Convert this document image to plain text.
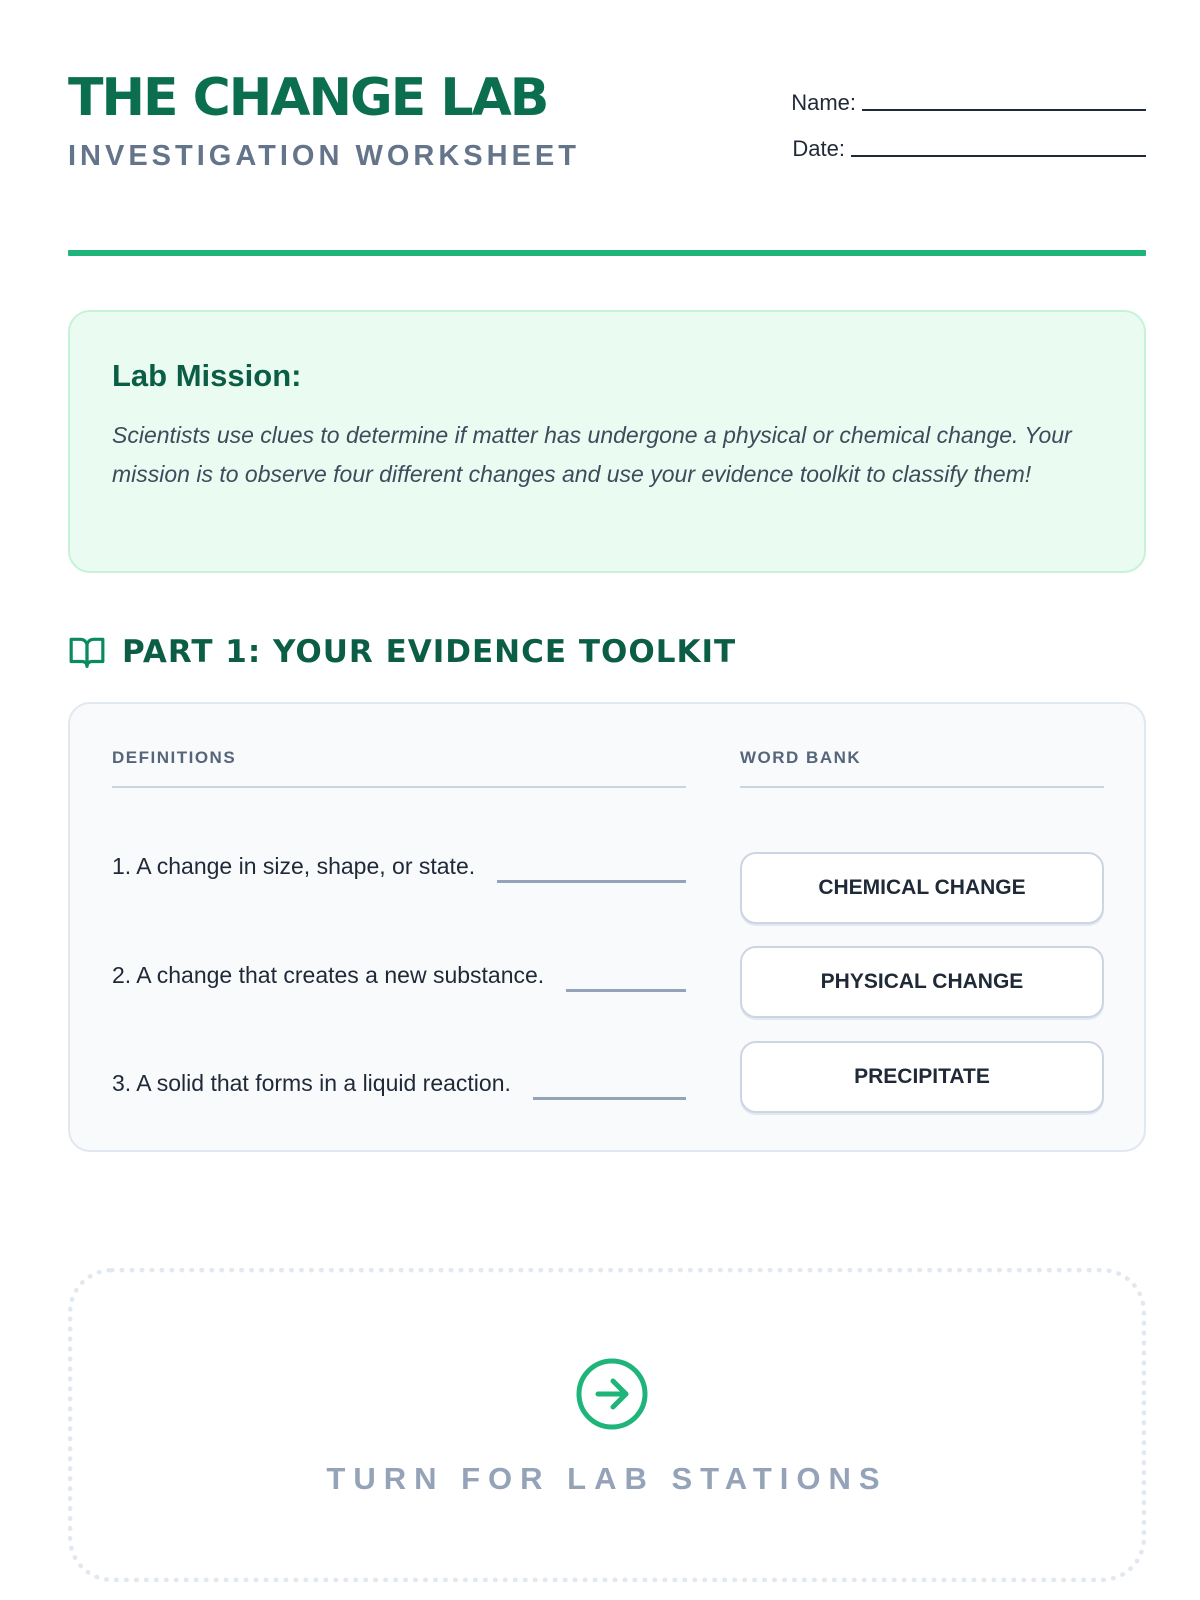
THE CHANGE LAB
INVESTIGATION WORKSHEET
Name:
Date:
Lab Mission:
Scientists use clues to determine if matter has undergone a physical or chemical change. Your mission is to observe four different changes and use your evidence toolkit to classify them!
PART 1: YOUR EVIDENCE TOOLKIT
DEFINITIONS
1. A change in size, shape, or state.
2. A change that creates a new substance.
3. A solid that forms in a liquid reaction.
WORD BANK
CHEMICAL CHANGE
PHYSICAL CHANGE
PRECIPITATE
TURN FOR LAB STATIONS
